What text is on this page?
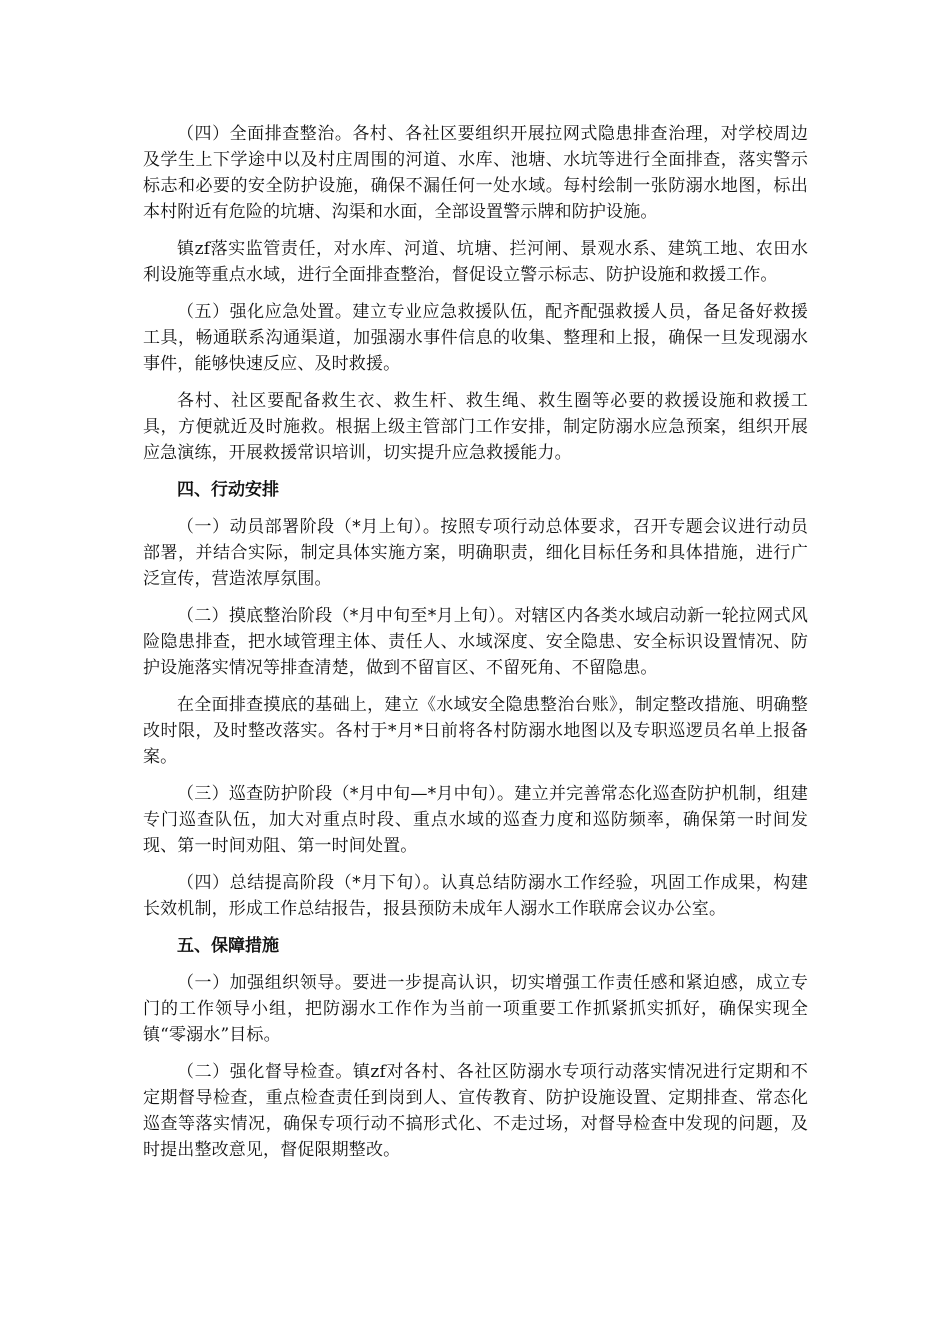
（四）全面排查整治。各村、各社区要组织开展拉网式隐患排查治理，对学校周边及学生上下学途中以及村庄周围的河道、水库、池塘、水坑等进行全面排查，落实警示标志和必要的安全防护设施，确保不漏任何一处水域。每村绘制一张防溺水地图，标出本村附近有危险的坑塘、沟渠和水面，全部设置警示牌和防护设施。

镇zf落实监管责任，对水库、河道、坑塘、拦河闸、景观水系、建筑工地、农田水利设施等重点水域，进行全面排查整治，督促设立警示标志、防护设施和救援工作。

（五）强化应急处置。建立专业应急救援队伍，配齐配强救援人员，备足备好救援工具，畅通联系沟通渠道，加强溺水事件信息的收集、整理和上报，确保一旦发现溺水事件，能够快速反应、及时救援。

各村、社区要配备救生衣、救生杆、救生绳、救生圈等必要的救援设施和救援工具，方便就近及时施救。根据上级主管部门工作安排，制定防溺水应急预案，组织开展应急演练，开展救援常识培训，切实提升应急救援能力。

四、行动安排

（一）动员部署阶段（*月上旬）。按照专项行动总体要求，召开专题会议进行动员部署，并结合实际，制定具体实施方案，明确职责，细化目标任务和具体措施，进行广泛宣传，营造浓厚氛围。

（二）摸底整治阶段（*月中旬至*月上旬）。对辖区内各类水域启动新一轮拉网式风险隐患排查，把水域管理主体、责任人、水域深度、安全隐患、安全标识设置情况、防护设施落实情况等排查清楚，做到不留盲区、不留死角、不留隐患。

在全面排查摸底的基础上，建立《水域安全隐患整治台账》，制定整改措施、明确整改时限，及时整改落实。各村于*月*日前将各村防溺水地图以及专职巡逻员名单上报备案。

（三）巡查防护阶段（*月中旬—*月中旬）。建立并完善常态化巡查防护机制，组建专门巡查队伍，加大对重点时段、重点水域的巡查力度和巡防频率，确保第一时间发现、第一时间劝阻、第一时间处置。

（四）总结提高阶段（*月下旬）。认真总结防溺水工作经验，巩固工作成果，构建长效机制，形成工作总结报告，报县预防未成年人溺水工作联席会议办公室。

五、保障措施

（一）加强组织领导。要进一步提高认识，切实增强工作责任感和紧迫感，成立专门的工作领导小组，把防溺水工作作为当前一项重要工作抓紧抓实抓好，确保实现全镇“零溺水”目标。

（二）强化督导检查。镇zf对各村、各社区防溺水专项行动落实情况进行定期和不定期督导检查，重点检查责任到岗到人、宣传教育、防护设施设置、定期排查、常态化巡查等落实情况，确保专项行动不搞形式化、不走过场，对督导检查中发现的问题，及时提出整改意见，督促限期整改。
